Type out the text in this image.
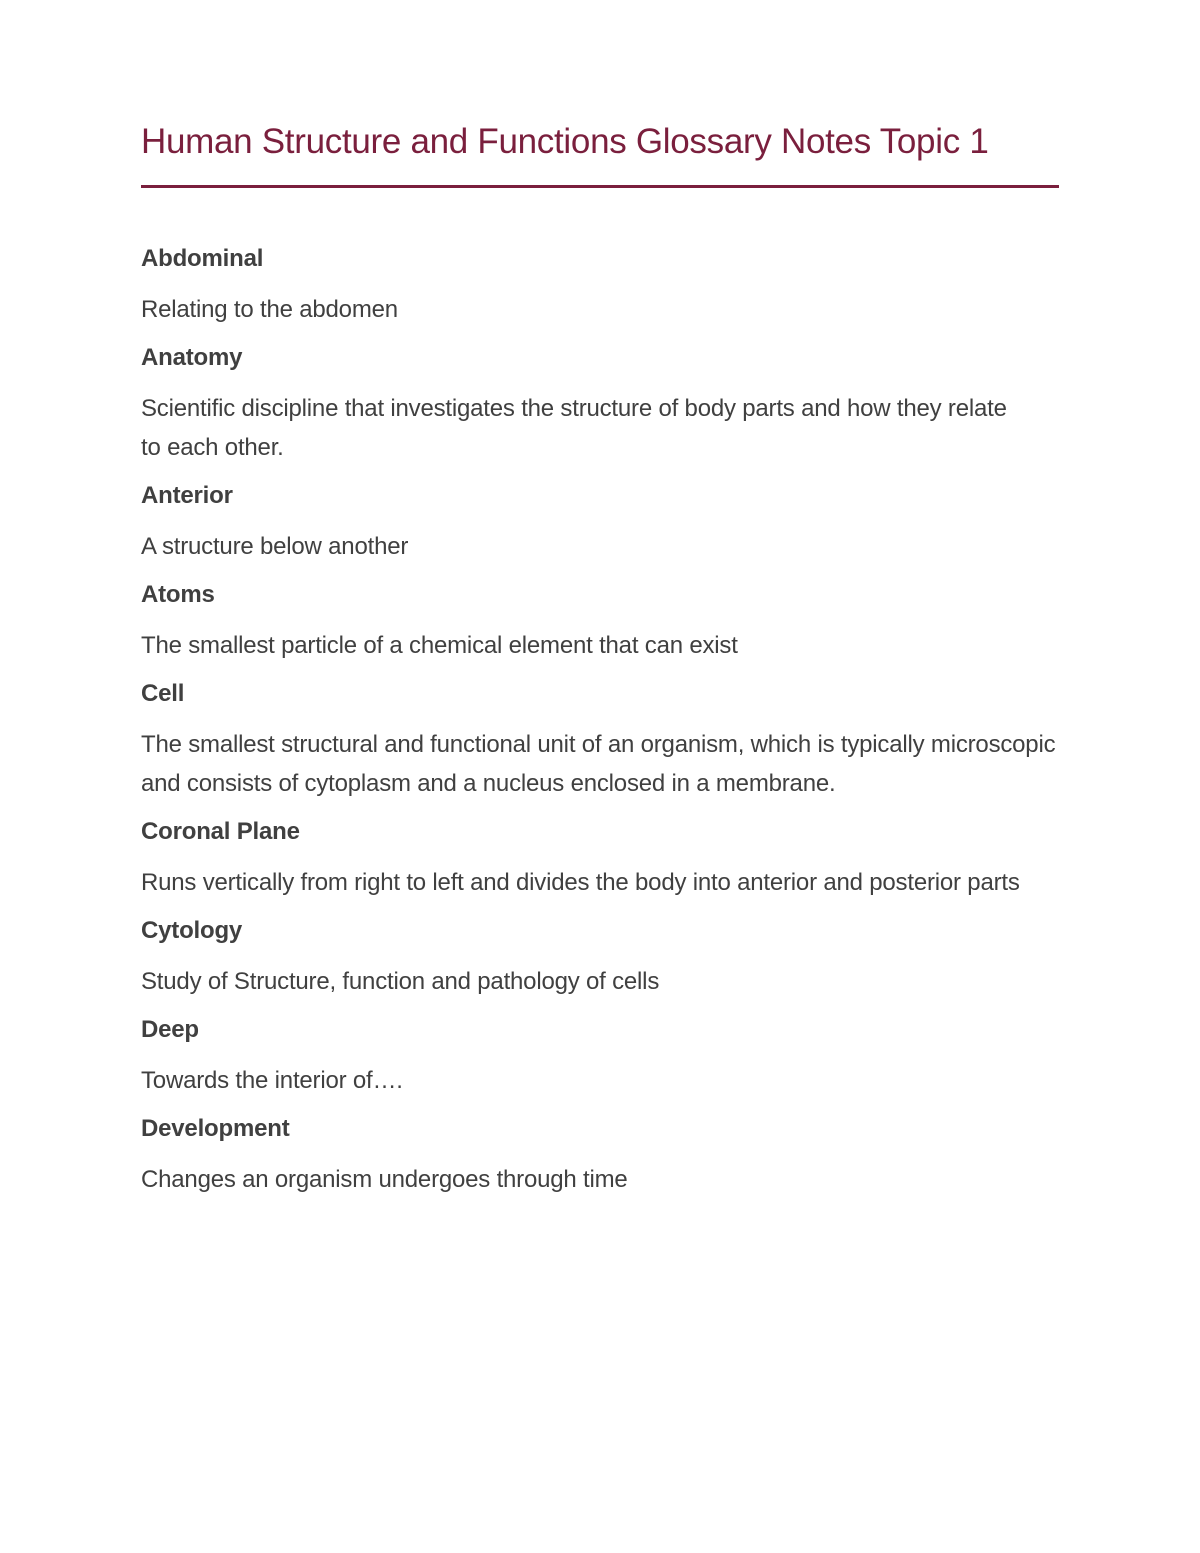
Human Structure and Functions Glossary Notes Topic 1
Abdominal
Relating to the abdomen
Anatomy
Scientific discipline that investigates the structure of body parts and how they relate to each other.
Anterior
A structure below another
Atoms
The smallest particle of a chemical element that can exist
Cell
The smallest structural and functional unit of an organism, which is typically microscopic and consists of cytoplasm and a nucleus enclosed in a membrane.
Coronal Plane
Runs vertically from right to left and divides the body into anterior and posterior parts
Cytology
Study of Structure, function and pathology of cells
Deep
Towards the interior of….
Development
Changes an organism undergoes through time
